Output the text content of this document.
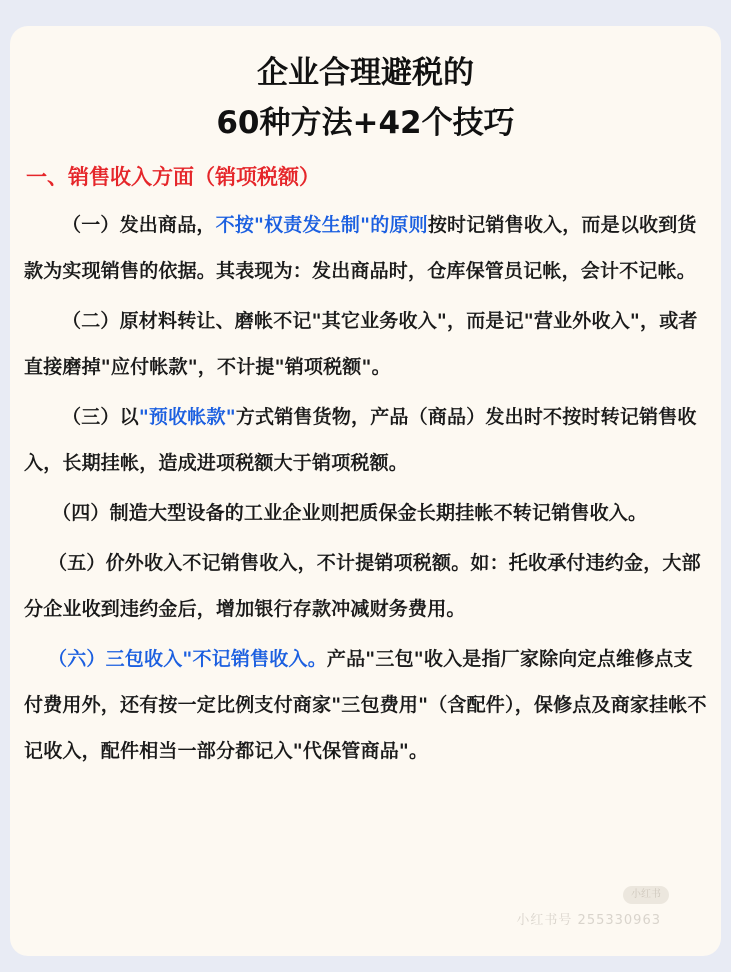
企业合理避税的
60种方法+42个技巧
一、销售收入方面（销项税额）

（一）发出商品，不按"权责发生制"的原则按时记销售收入，而是以收到货款为实现销售的依据。其表现为：发出商品时，仓库保管员记帐，会计不记帐。

（二）原材料转让、磨帐不记"其它业务收入"，而是记"营业外收入"，或者直接磨掉"应付帐款"，不计提"销项税额"。

（三）以"预收帐款"方式销售货物，产品（商品）发出时不按时转记销售收入，长期挂帐，造成进项税额大于销项税额。

（四）制造大型设备的工业企业则把质保金长期挂帐不转记销售收入。

（五）价外收入不记销售收入，不计提销项税额。如：托收承付违约金，大部分企业收到违约金后，增加银行存款冲减财务费用。

（六）三包收入"不记销售收入。产品"三包"收入是指厂家除向定点维修点支付费用外，还有按一定比例支付商家"三包费用"（含配件），保修点及商家挂帐不记收入，配件相当一部分都记入"代保管商品"。

小红书
小红书号 255330963
